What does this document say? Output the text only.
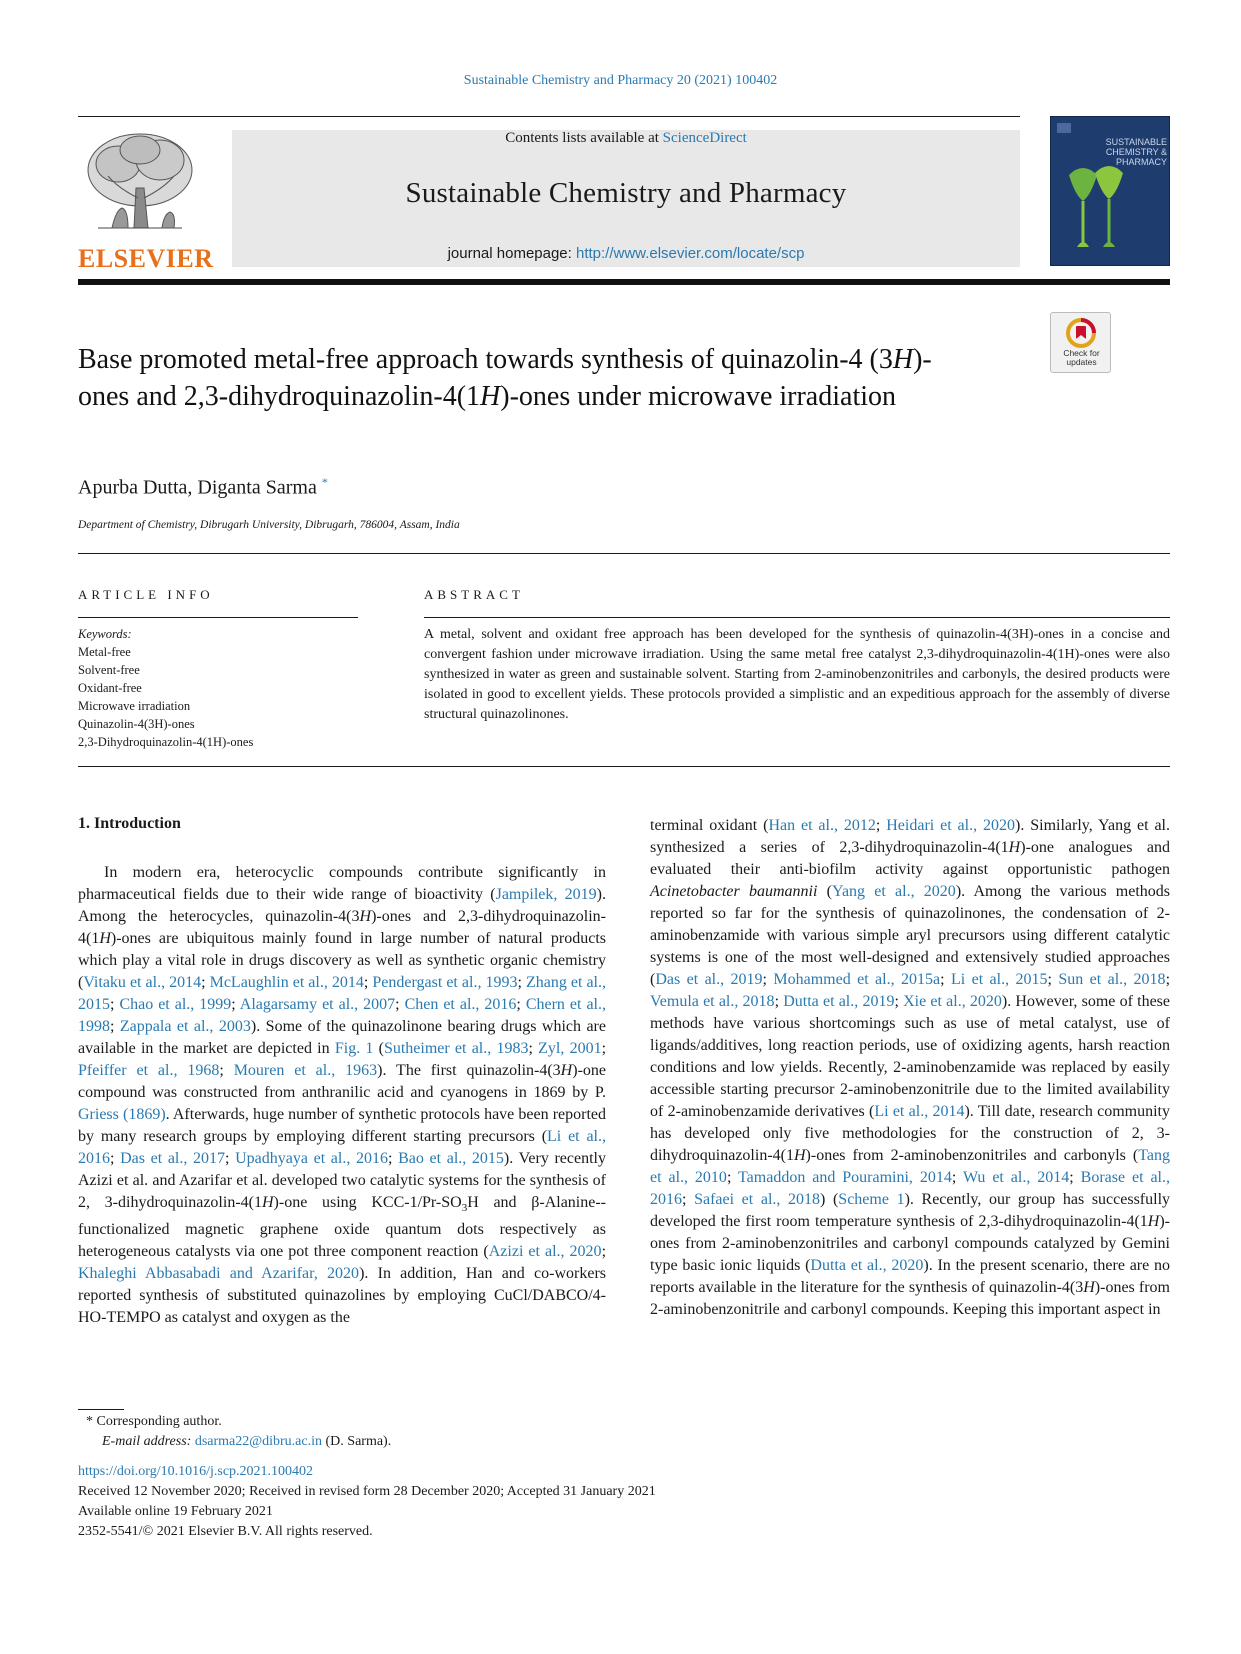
Sustainable Chemistry and Pharmacy 20 (2021) 100402
ELSEVIER
Contents lists available at ScienceDirect
Sustainable Chemistry and Pharmacy
journal homepage: http://www.elsevier.com/locate/scp
SUSTAINABLE CHEMISTRY & PHARMACY
Check for updates
Base promoted metal-free approach towards synthesis of quinazolin-4 (3H)-ones and 2,3-dihydroquinazolin-4(1H)-ones under microwave irradiation
Apurba Dutta, Diganta Sarma *
Department of Chemistry, Dibrugarh University, Dibrugarh, 786004, Assam, India
ARTICLE INFO	ABSTRACT
Keywords:
Metal-free
Solvent-free
Oxidant-free
Microwave irradiation
Quinazolin-4(3H)-ones
2,3-Dihydroquinazolin-4(1H)-ones
A metal, solvent and oxidant free approach has been developed for the synthesis of quinazolin-4(3H)-ones in a concise and convergent fashion under microwave irradiation. Using the same metal free catalyst 2,3-dihydroquinazolin-4(1H)-ones were also synthesized in water as green and sustainable solvent. Starting from 2-aminobenzonitriles and carbonyls, the desired products were isolated in good to excellent yields. These protocols provided a simplistic and an expeditious approach for the assembly of diverse structural quinazolinones.
1. Introduction

In modern era, heterocyclic compounds contribute significantly in pharmaceutical fields due to their wide range of bioactivity (Jampilek, 2019). Among the heterocycles, quinazolin-4(3H)-ones and 2,3-dihydroquinazolin-4(1H)-ones are ubiquitous mainly found in large number of natural products which play a vital role in drugs discovery as well as synthetic organic chemistry (Vitaku et al., 2014; McLaughlin et al., 2014; Pendergast et al., 1993; Zhang et al., 2015; Chao et al., 1999; Alagarsamy et al., 2007; Chen et al., 2016; Chern et al., 1998; Zappala et al., 2003). Some of the quinazolinone bearing drugs which are available in the market are depicted in Fig. 1 (Sutheimer et al., 1983; Zyl, 2001; Pfeiffer et al., 1968; Mouren et al., 1963). The first quinazolin-4(3H)-one compound was constructed from anthranilic acid and cyanogens in 1869 by P. Griess (1869). Afterwards, huge number of synthetic protocols have been reported by many research groups by employing different starting precursors (Li et al., 2016; Das et al., 2017; Upadhyaya et al., 2016; Bao et al., 2015). Very recently Azizi et al. and Azarifar et al. developed two catalytic systems for the synthesis of 2, 3-dihydroquinazolin-4(1H)-one using KCC-$1/Pr-SO_3H$ and β-Alanine--functionalized magnetic graphene oxide quantum dots respectively as heterogeneous catalysts via one pot three component reaction (Azizi et al., 2020; Khaleghi Abbasabadi and Azarifar, 2020). In addition, Han and co-workers reported synthesis of substituted quinazolines by employing CuCl/DABCO/4-HO-TEMPO as catalyst and oxygen as the

terminal oxidant (Han et al., 2012; Heidari et al., 2020). Similarly, Yang et al. synthesized a series of 2,3-dihydroquinazolin-4(1H)-one analogues and evaluated their anti-biofilm activity against opportunistic pathogen Acinetobacter baumannii (Yang et al., 2020). Among the various methods reported so far for the synthesis of quinazolinones, the condensation of 2-aminobenzamide with various simple aryl precursors using different catalytic systems is one of the most well-designed and extensively studied approaches (Das et al., 2019; Mohammed et al., 2015a; Li et al., 2015; Sun et al., 2018; Vemula et al., 2018; Dutta et al., 2019; Xie et al., 2020). However, some of these methods have various shortcomings such as use of metal catalyst, use of ligands/additives, long reaction periods, use of oxidizing agents, harsh reaction conditions and low yields. Recently, 2-aminobenzamide was replaced by easily accessible starting precursor 2-aminobenzonitrile due to the limited availability of 2-aminobenzamide derivatives (Li et al., 2014). Till date, research community has developed only five methodologies for the construction of 2, 3-dihydroquinazolin-4(1H)-ones from 2-aminobenzonitriles and carbonyls (Tang et al., 2010; Tamaddon and Pouramini, 2014; Wu et al., 2014; Borase et al., 2016; Safaei et al., 2018) (Scheme 1). Recently, our group has successfully developed the first room temperature synthesis of 2,3-dihydroquinazolin-4(1H)-ones from 2-aminobenzonitriles and carbonyl compounds catalyzed by Gemini type basic ionic liquids (Dutta et al., 2020). In the present scenario, there are no reports available in the literature for the synthesis of quinazolin-4(3H)-ones from 2-aminobenzonitrile and carbonyl compounds. Keeping this important aspect in

* Corresponding author.
E-mail address: dsarma22@dibru.ac.in (D. Sarma).
https://doi.org/10.1016/j.scp.2021.100402
Received 12 November 2020; Received in revised form 28 December 2020; Accepted 31 January 2021
Available online 19 February 2021
2352-5541/© 2021 Elsevier B.V. All rights reserved.
